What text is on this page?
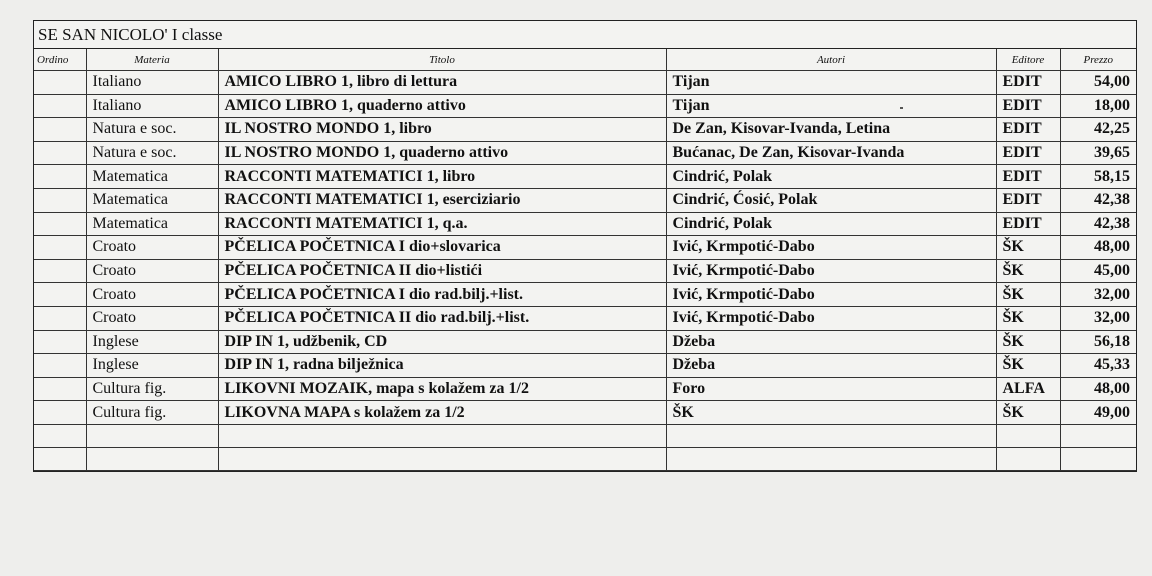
SE SAN NICOLO' I classe
Ordino	Materia	Titolo	Autori	Editore	Prezzo
	Italiano	AMICO LIBRO 1, libro di lettura	Tijan	EDIT	54,00
	Italiano	AMICO LIBRO 1, quaderno attivo	Tijan	EDIT	18,00
	Natura e soc.	IL NOSTRO MONDO 1, libro	De Zan, Kisovar-Ivanda, Letina	EDIT	42,25
	Natura e soc.	IL NOSTRO MONDO 1, quaderno attivo	Bućanac, De Zan, Kisovar-Ivanda	EDIT	39,65
	Matematica	RACCONTI MATEMATICI 1, libro	Cindrić, Polak	EDIT	58,15
	Matematica	RACCONTI MATEMATICI 1, eserciziario	Cindrić, Ćosić, Polak	EDIT	42,38
	Matematica	RACCONTI MATEMATICI 1, q.a.	Cindrić, Polak	EDIT	42,38
	Croato	PČELICA POČETNICA I dio+slovarica	Ivić, Krmpotić-Dabo	ŠK	48,00
	Croato	PČELICA POČETNICA II dio+listići	Ivić, Krmpotić-Dabo	ŠK	45,00
	Croato	PČELICA POČETNICA I dio rad.bilj.+list.	Ivić, Krmpotić-Dabo	ŠK	32,00
	Croato	PČELICA POČETNICA II dio rad.bilj.+list.	Ivić, Krmpotić-Dabo	ŠK	32,00
	Inglese	DIP IN 1, udžbenik, CD	Džeba	ŠK	56,18
	Inglese	DIP IN 1, radna bilježnica	Džeba	ŠK	45,33
	Cultura fig.	LIKOVNI MOZAIK, mapa s kolažem za 1/2	Foro	ALFA	48,00
	Cultura fig.	LIKOVNA MAPA s kolažem za 1/2	ŠK	ŠK	49,00
